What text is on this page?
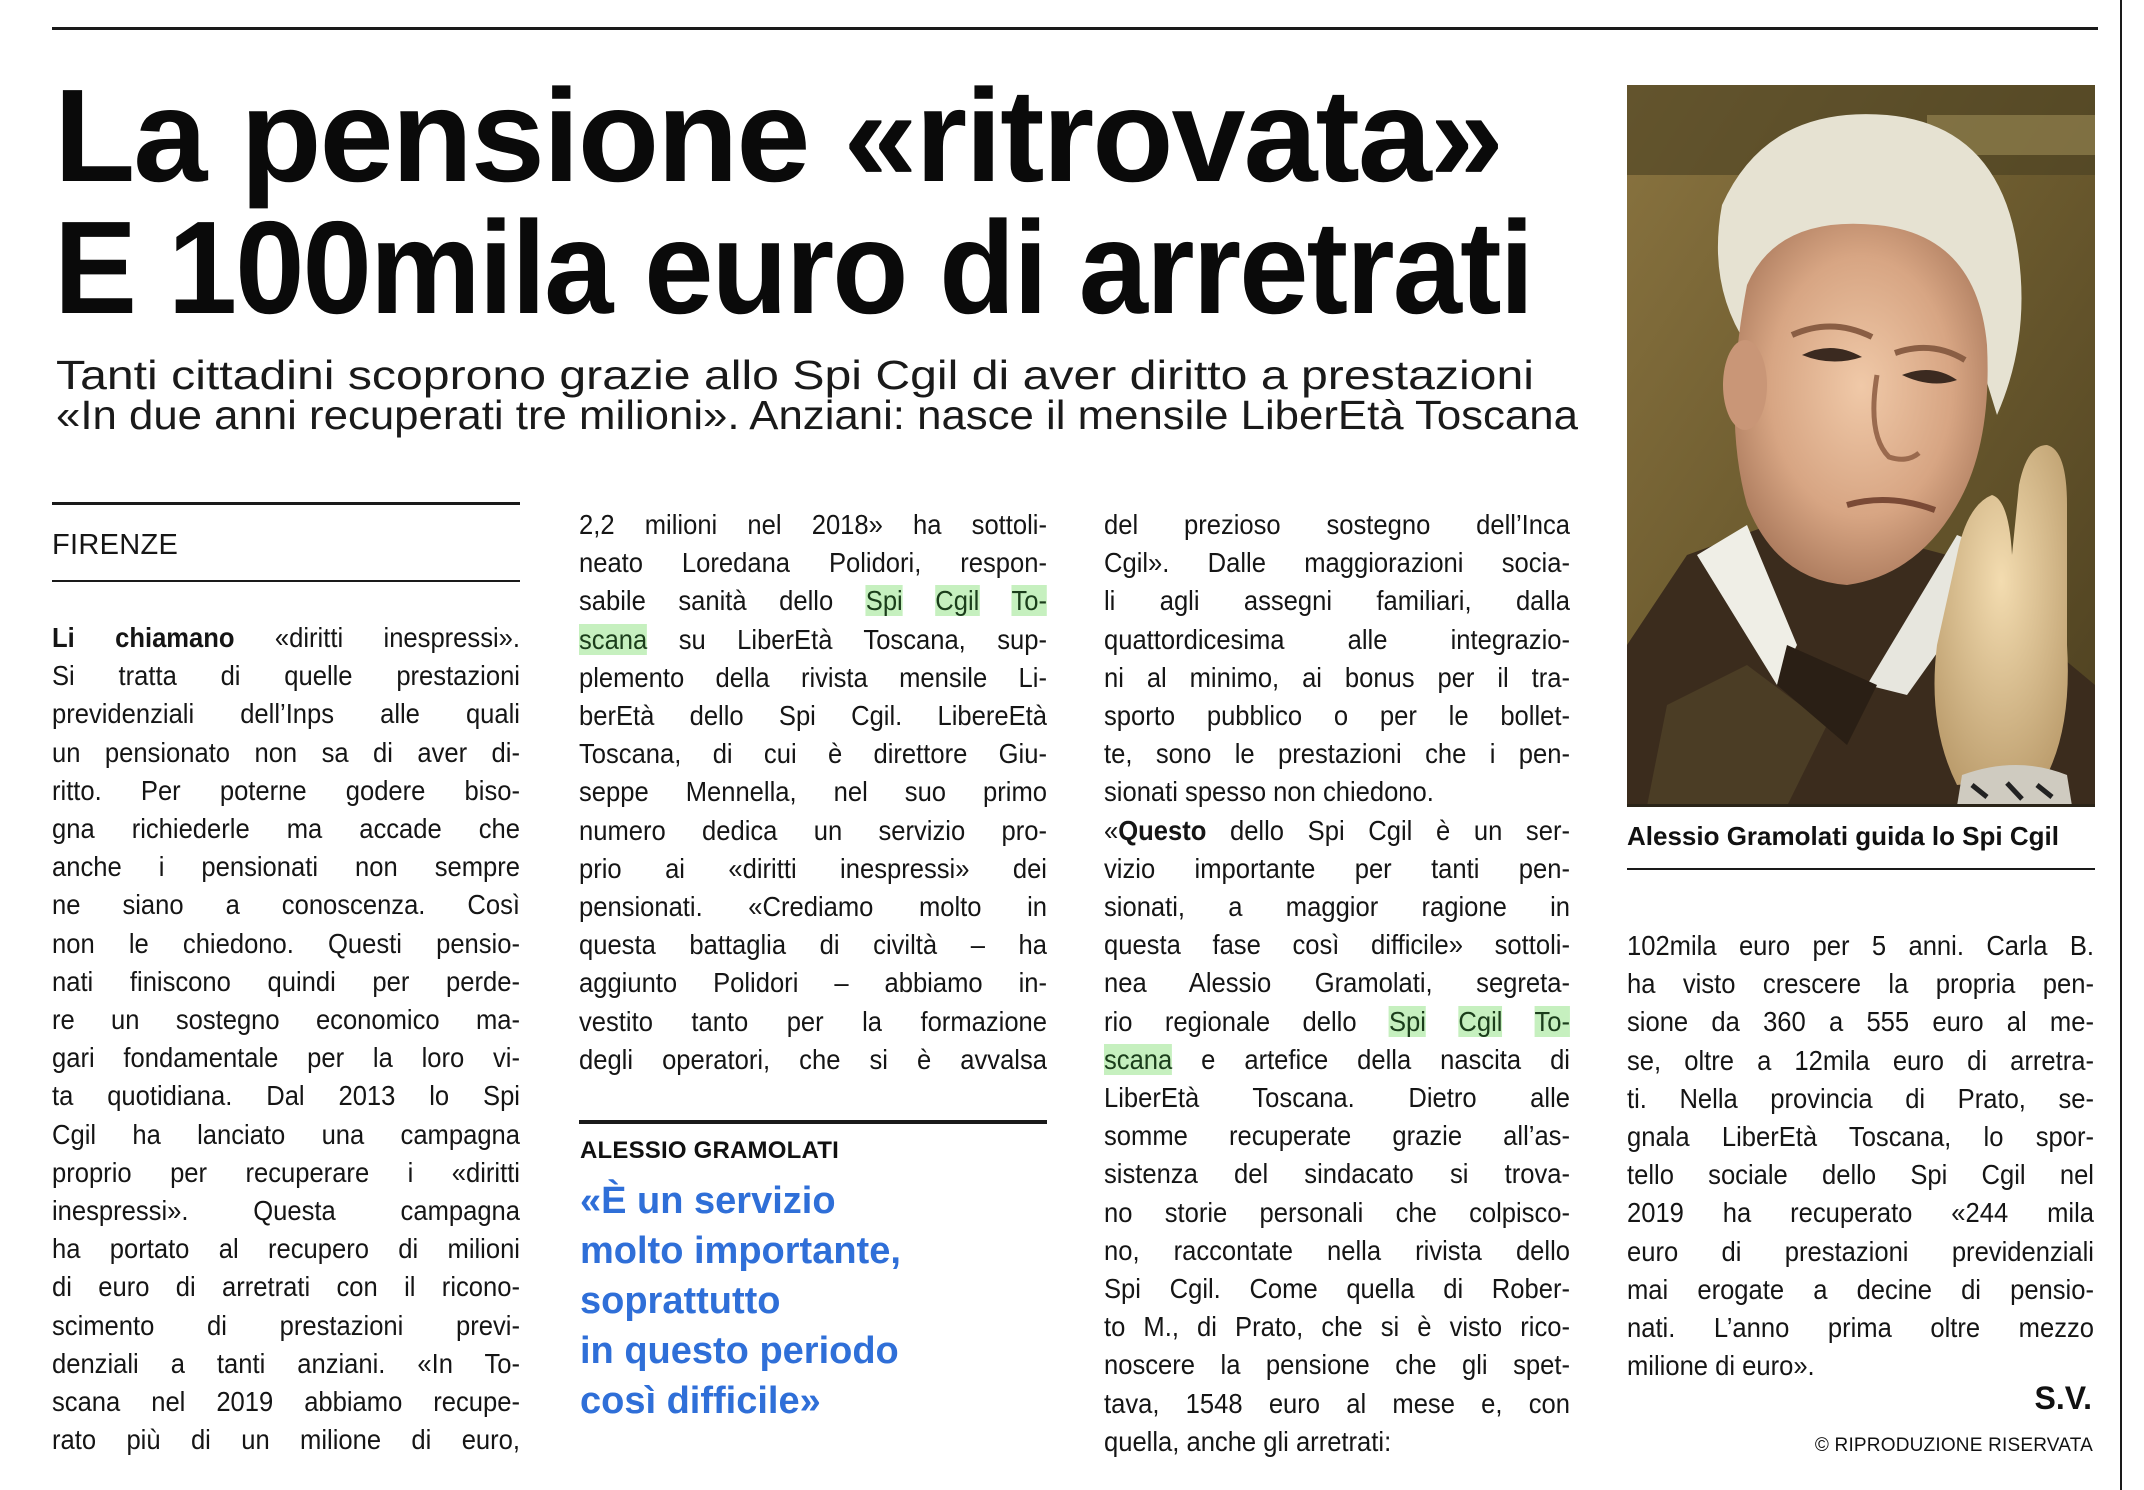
La pensione «ritrovata»
E 100mila euro di arretrati
Tanti cittadini scoprono grazie allo Spi Cgil di aver diritto a prestazioni
«In due anni recuperati tre milioni». Anziani: nasce il mensile LiberEtà Toscana
FIRENZE
Li chiamano «diritti inespressi».
Si tratta di quelle prestazioni
previdenziali dell’Inps alle quali
un pensionato non sa di aver di-
ritto. Per poterne godere biso-
gna richiederle ma accade che
anche i pensionati non sempre
ne siano a conoscenza. Così
non le chiedono. Questi pensio-
nati finiscono quindi per perde-
re un sostegno economico ma-
gari fondamentale per la loro vi-
ta quotidiana. Dal 2013 lo Spi
Cgil ha lanciato una campagna
proprio per recuperare i «diritti
inespressi». Questa campagna
ha portato al recupero di milioni
di euro di arretrati con il ricono-
scimento di prestazioni previ-
denziali a tanti anziani. «In To-
scana nel 2019 abbiamo recupe-
rato più di un milione di euro,
2,2 milioni nel 2018» ha sottoli-
neato Loredana Polidori, respon-
sabile sanità dello Spi Cgil To-
scana su LiberEtà Toscana, sup-
plemento della rivista mensile Li-
berEtà dello Spi Cgil. LibereEtà
Toscana, di cui è direttore Giu-
seppe Mennella, nel suo primo
numero dedica un servizio pro-
prio ai «diritti inespressi» dei
pensionati. «Crediamo molto in
questa battaglia di civiltà – ha
aggiunto Polidori – abbiamo in-
vestito tanto per la formazione
degli operatori, che si è avvalsa
del prezioso sostegno dell’Inca
Cgil». Dalle maggiorazioni socia-
li agli assegni familiari, dalla
quattordicesima alle integrazio-
ni al minimo, ai bonus per il tra-
sporto pubblico o per le bollet-
te, sono le prestazioni che i pen-
sionati spesso non chiedono.
«Questo dello Spi Cgil è un ser-
vizio importante per tanti pen-
sionati, a maggior ragione in
questa fase così difficile» sottoli-
nea Alessio Gramolati, segreta-
rio regionale dello Spi Cgil To-
scana e artefice della nascita di
LiberEtà Toscana. Dietro alle
somme recuperate grazie all’as-
sistenza del sindacato si trova-
no storie personali che colpisco-
no, raccontate nella rivista dello
Spi Cgil. Come quella di Rober-
to M., di Prato, che si è visto rico-
noscere la pensione che gli spet-
tava, 1548 euro al mese e, con
quella, anche gli arretrati:
102mila euro per 5 anni. Carla B.
ha visto crescere la propria pen-
sione da 360 a 555 euro al me-
se, oltre a 12mila euro di arretra-
ti. Nella provincia di Prato, se-
gnala LiberEtà Toscana, lo spor-
tello sociale dello Spi Cgil nel
2019 ha recuperato «244 mila
euro di prestazioni previdenziali
mai erogate a decine di pensio-
nati. L’anno prima oltre mezzo
milione di euro».
ALESSIO GRAMOLATI
«È un servizio
molto importante,
soprattutto
in questo periodo
così difficile»
Alessio Gramolati guida lo Spi Cgil
S.V.
© RIPRODUZIONE RISERVATA
